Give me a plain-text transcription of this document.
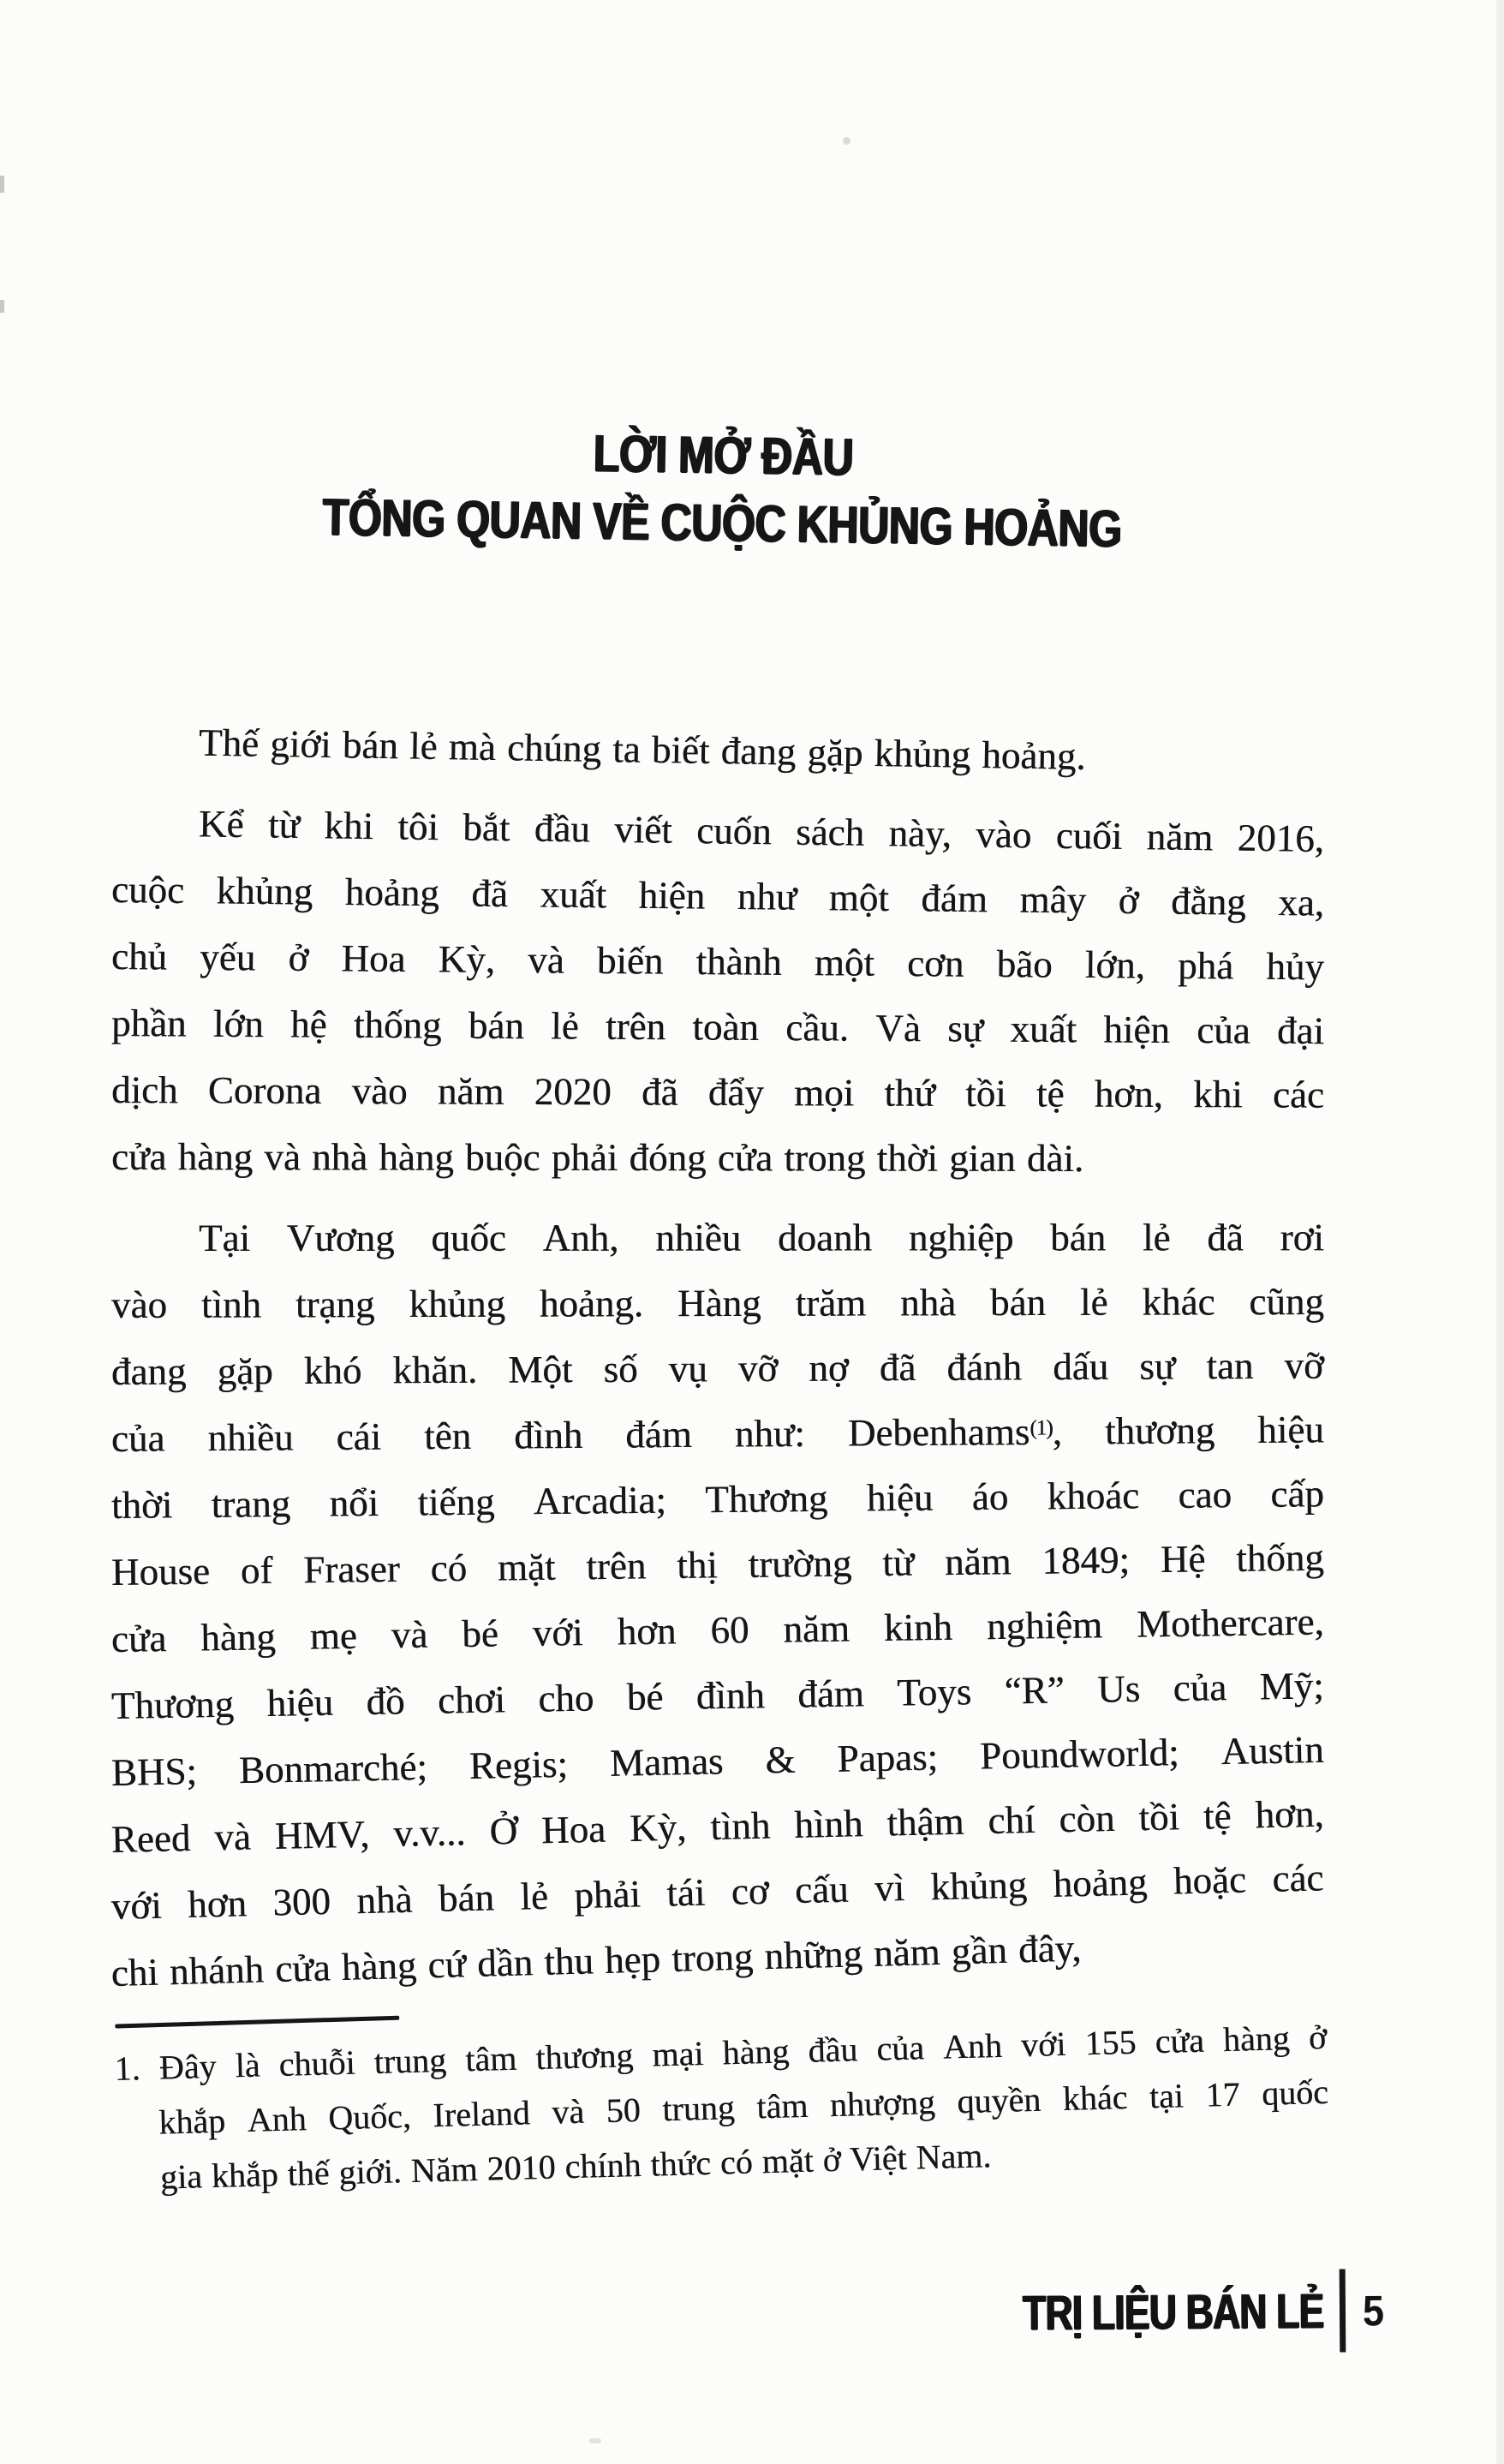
LỜI MỞ ĐẦU
TỔNG QUAN VỀ CUỘC KHỦNG HOẢNG
Thế giới bán lẻ mà chúng ta biết đang gặp khủng hoảng.
Kể từ khi tôi bắt đầu viết cuốn sách này, vào cuối năm 2016,
cuộc khủng hoảng đã xuất hiện như một đám mây ở đằng xa,
chủ yếu ở Hoa Kỳ, và biến thành một cơn bão lớn, phá hủy
phần lớn hệ thống bán lẻ trên toàn cầu. Và sự xuất hiện của đại
dịch Corona vào năm 2020 đã đẩy mọi thứ tồi tệ hơn, khi các
cửa hàng và nhà hàng buộc phải đóng cửa trong thời gian dài.
Tại Vương quốc Anh, nhiều doanh nghiệp bán lẻ đã rơi
vào tình trạng khủng hoảng. Hàng trăm nhà bán lẻ khác cũng
đang gặp khó khăn. Một số vụ vỡ nợ đã đánh dấu sự tan vỡ
của nhiều cái tên đình đám như: Debenhams$^{(1)}$, thương hiệu
thời trang nổi tiếng Arcadia; Thương hiệu áo khoác cao cấp
House of Fraser có mặt trên thị trường từ năm 1849; Hệ thống
cửa hàng mẹ và bé với hơn 60 năm kinh nghiệm Mothercare,
Thương hiệu đồ chơi cho bé đình đám Toys “R” Us của Mỹ;
BHS; Bonmarché; Regis; Mamas & Papas; Poundworld; Austin
Reed và HMV, v.v... Ở Hoa Kỳ, tình hình thậm chí còn tồi tệ hơn,
với hơn 300 nhà bán lẻ phải tái cơ cấu vì khủng hoảng hoặc các
chi nhánh cửa hàng cứ dần thu hẹp trong những năm gần đây,
1. Đây là chuỗi trung tâm thương mại hàng đầu của Anh với 155 cửa hàng ở
khắp Anh Quốc, Ireland và 50 trung tâm nhượng quyền khác tại 17 quốc
gia khắp thế giới. Năm 2010 chính thức có mặt ở Việt Nam.
TRỊ LIỆU BÁN LẺ 5
